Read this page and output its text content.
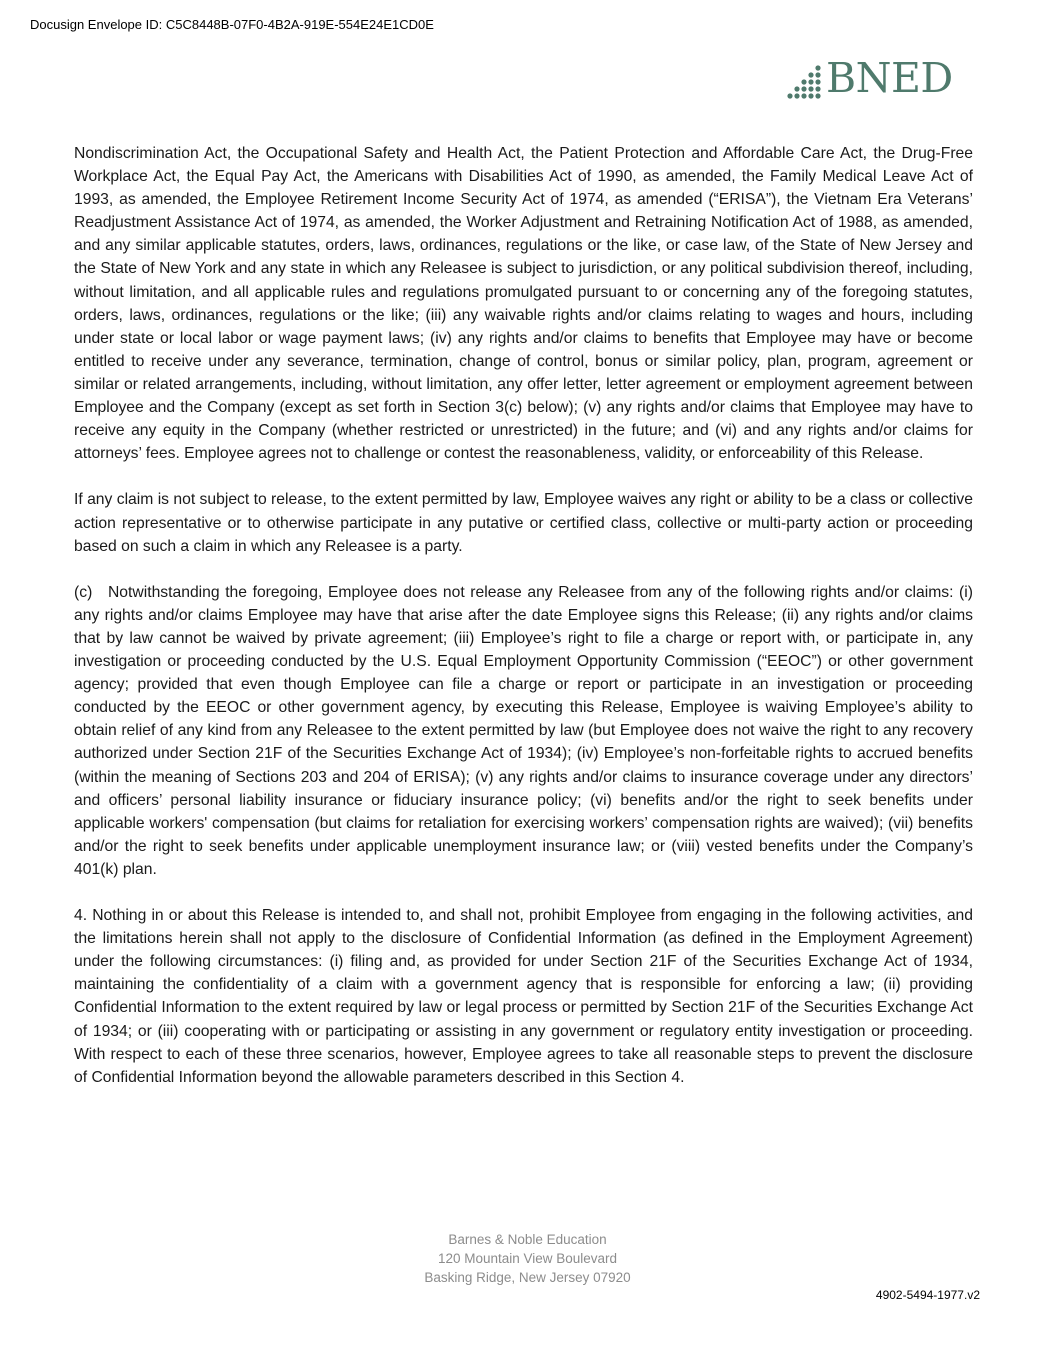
Docusign Envelope ID: C5C8448B-07F0-4B2A-919E-554E24E1CD0E
BNED

Nondiscrimination Act, the Occupational Safety and Health Act, the Patient Protection and Affordable Care Act, the Drug-Free Workplace Act, the Equal Pay Act, the Americans with Disabilities Act of 1990, as amended, the Family Medical Leave Act of 1993, as amended, the Employee Retirement Income Security Act of 1974, as amended (“ERISA”), the Vietnam Era Veterans’ Readjustment Assistance Act of 1974, as amended, the Worker Adjustment and Retraining Notification Act of 1988, as amended, and any similar applicable statutes, orders, laws, ordinances, regulations or the like, or case law, of the State of New Jersey and the State of New York and any state in which any Releasee is subject to jurisdiction, or any political subdivision thereof, including, without limitation, and all applicable rules and regulations promulgated pursuant to or concerning any of the foregoing statutes, orders, laws, ordinances, regulations or the like; (iii) any waivable rights and/or claims relating to wages and hours, including under state or local labor or wage payment laws; (iv) any rights and/or claims to benefits that Employee may have or become entitled to receive under any severance, termination, change of control, bonus or similar policy, plan, program, agreement or similar or related arrangements, including, without limitation, any offer letter, letter agreement or employment agreement between Employee and the Company (except as set forth in Section 3(c) below); (v) any rights and/or claims that Employee may have to receive any equity in the Company (whether restricted or unrestricted) in the future; and (vi) and any rights and/or claims for attorneys’ fees. Employee agrees not to challenge or contest the reasonableness, validity, or enforceability of this Release.

If any claim is not subject to release, to the extent permitted by law, Employee waives any right or ability to be a class or collective action representative or to otherwise participate in any putative or certified class, collective or multi-party action or proceeding based on such a claim in which any Releasee is a party.

(c) Notwithstanding the foregoing, Employee does not release any Releasee from any of the following rights and/or claims: (i) any rights and/or claims Employee may have that arise after the date Employee signs this Release; (ii) any rights and/or claims that by law cannot be waived by private agreement; (iii) Employee’s right to file a charge or report with, or participate in, any investigation or proceeding conducted by the U.S. Equal Employment Opportunity Commission (“EEOC”) or other government agency; provided that even though Employee can file a charge or report or participate in an investigation or proceeding conducted by the EEOC or other government agency, by executing this Release, Employee is waiving Employee’s ability to obtain relief of any kind from any Releasee to the extent permitted by law (but Employee does not waive the right to any recovery authorized under Section 21F of the Securities Exchange Act of 1934); (iv) Employee’s non-forfeitable rights to accrued benefits (within the meaning of Sections 203 and 204 of ERISA); (v) any rights and/or claims to insurance coverage under any directors’ and officers’ personal liability insurance or fiduciary insurance policy; (vi) benefits and/or the right to seek benefits under applicable workers' compensation (but claims for retaliation for exercising workers’ compensation rights are waived); (vii) benefits and/or the right to seek benefits under applicable unemployment insurance law; or (viii) vested benefits under the Company’s 401(k) plan.

4. Nothing in or about this Release is intended to, and shall not, prohibit Employee from engaging in the following activities, and the limitations herein shall not apply to the disclosure of Confidential Information (as defined in the Employment Agreement) under the following circumstances: (i) filing and, as provided for under Section 21F of the Securities Exchange Act of 1934, maintaining the confidentiality of a claim with a government agency that is responsible for enforcing a law; (ii) providing Confidential Information to the extent required by law or legal process or permitted by Section 21F of the Securities Exchange Act of 1934; or (iii) cooperating with or participating or assisting in any government or regulatory entity investigation or proceeding. With respect to each of these three scenarios, however, Employee agrees to take all reasonable steps to prevent the disclosure of Confidential Information beyond the allowable parameters described in this Section 4.

Barnes & Noble Education
120 Mountain View Boulevard
Basking Ridge, New Jersey 07920
4902-5494-1977.v2
